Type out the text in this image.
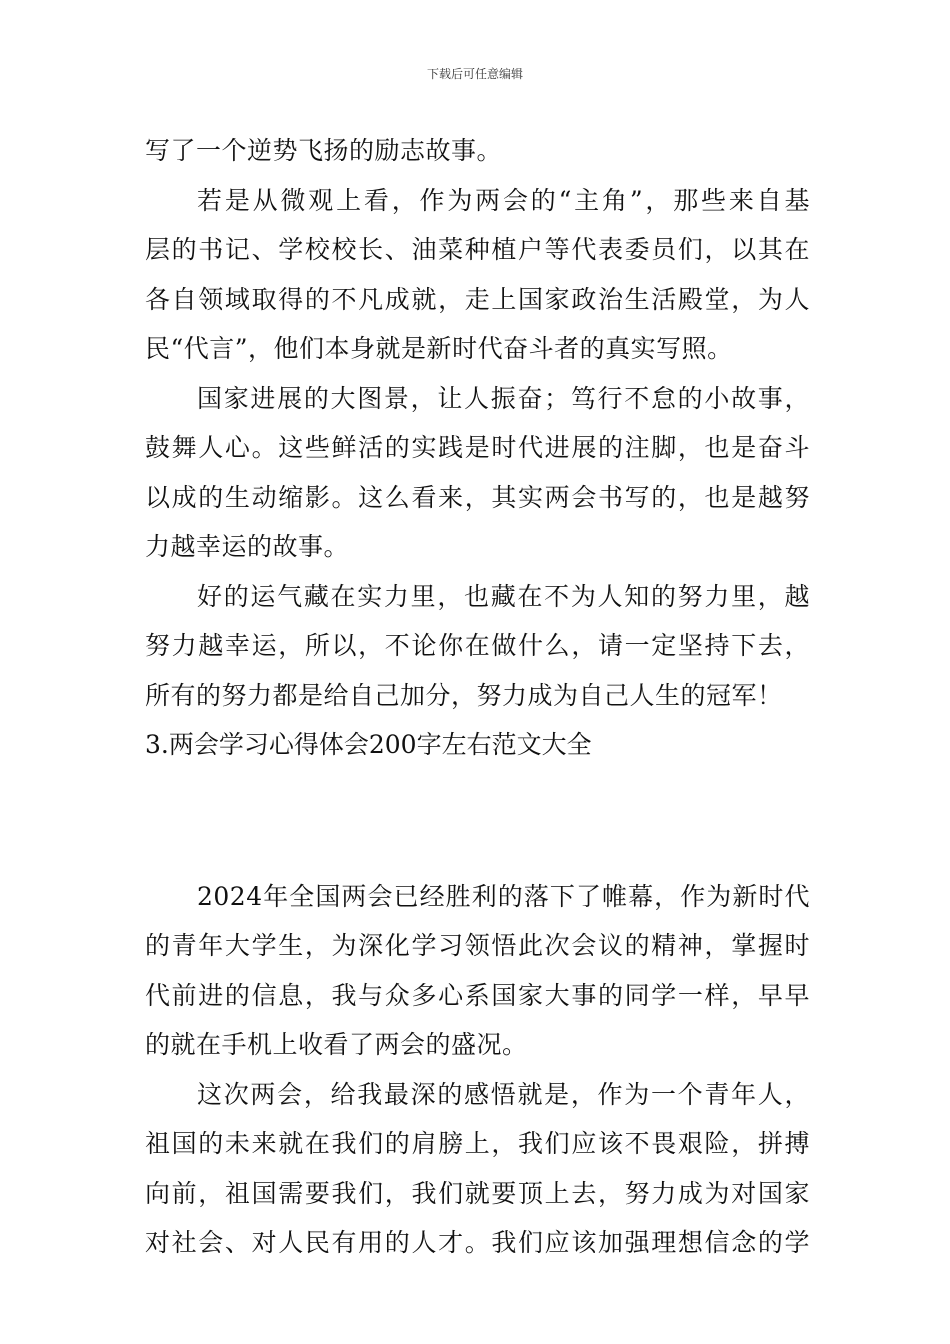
下载后可任意编辑
写了一个逆势飞扬的励志故事。
若是从微观上看，作为两会的“主角”，那些来自基
层的书记、学校校长、油菜种植户等代表委员们，以其在
各自领域取得的不凡成就，走上国家政治生活殿堂，为人
民“代言”，他们本身就是新时代奋斗者的真实写照。
国家进展的大图景，让人振奋；笃行不怠的小故事，
鼓舞人心。这些鲜活的实践是时代进展的注脚，也是奋斗
以成的生动缩影。这么看来，其实两会书写的，也是越努
力越幸运的故事。
好的运气藏在实力里，也藏在不为人知的努力里，越
努力越幸运，所以，不论你在做什么，请一定坚持下去，
所有的努力都是给自己加分，努力成为自己人生的冠军！
3.两会学习心得体会200字左右范文大全
2024年全国两会已经胜利的落下了帷幕，作为新时代
的青年大学生，为深化学习领悟此次会议的精神，掌握时
代前进的信息，我与众多心系国家大事的同学一样，早早
的就在手机上收看了两会的盛况。
这次两会，给我最深的感悟就是，作为一个青年人，
祖国的未来就在我们的肩膀上，我们应该不畏艰险，拼搏
向前，祖国需要我们，我们就要顶上去，努力成为对国家
对社会、对人民有用的人才。我们应该加强理想信念的学
